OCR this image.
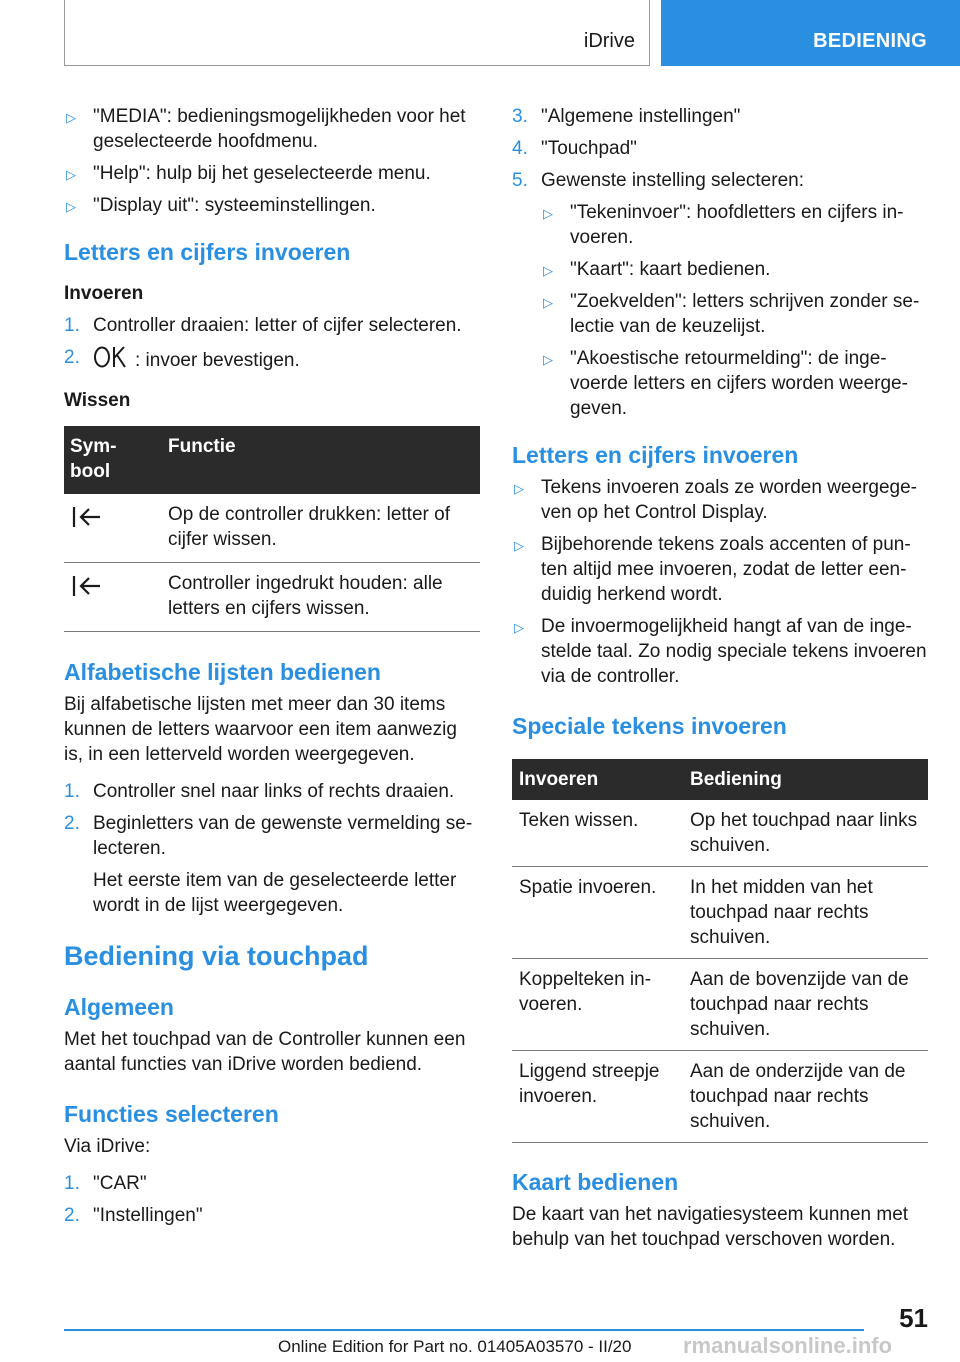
iDrive	BEDIENING
▷ "MEDIA": bedieningsmogelijkheden voor het geselecteerde hoofdmenu.
▷ "Help": hulp bij het geselecteerde menu.
▷ "Display uit": systeeminstellingen.
Letters en cijfers invoeren
Invoeren
1. Controller draaien: letter of cijfer selecteren.
2.	: invoer bevestigen.
Wissen
Sym-
bool	Functie
	Op de controller drukken: letter of cijfer wissen.
	Controller ingedrukt houden: alle letters en cijfers wissen.
Alfabetische lijsten bedienen
Bij alfabetische lijsten met meer dan 30 items kunnen de letters waarvoor een item aanwezig is, in een letterveld worden weergegeven.
1. Controller snel naar links of rechts draaien.
2. Beginletters van de gewenste vermelding se-
lecteren.
Het eerste item van de geselecteerde letter wordt in de lijst weergegeven.
Bediening via touchpad
Algemeen
Met het touchpad van de Controller kunnen een aantal functies van iDrive worden bediend.
Functies selecteren
Via iDrive:
1. "CAR"
2. "Instellingen"
3. "Algemene instellingen"
4. "Touchpad"
5. Gewenste instelling selecteren:
▷ "Tekeninvoer": hoofdletters en cijfers in-
voeren.
▷ "Kaart": kaart bedienen.
▷ "Zoekvelden": letters schrijven zonder se-
lectie van de keuzelijst.
▷ "Akoestische retourmelding": de inge-
voerde letters en cijfers worden weerge-
geven.
Letters en cijfers invoeren
▷ Tekens invoeren zoals ze worden weergege-
ven op het Control Display.
▷ Bijbehorende tekens zoals accenten of pun-
ten altijd mee invoeren, zodat de letter een-
duidig herkend wordt.
▷ De invoermogelijkheid hangt af van de inge-
stelde taal. Zo nodig speciale tekens invoeren via de controller.
Speciale tekens invoeren
Invoeren	Bediening
Teken wissen.	Op het touchpad naar links schuiven.
Spatie invoeren.	In het midden van het
touchpad naar rechts
schuiven.
Koppelteken in-
voeren.	Aan de bovenzijde van de
touchpad naar rechts
schuiven.
Liggend streepje
invoeren.	Aan de onderzijde van de
touchpad naar rechts
schuiven.
Kaart bedienen
De kaart van het navigatiesysteem kunnen met behulp van het touchpad verschoven worden.
51
Online Edition for Part no. 01405A03570 - II/20 rmanualsonline.info
